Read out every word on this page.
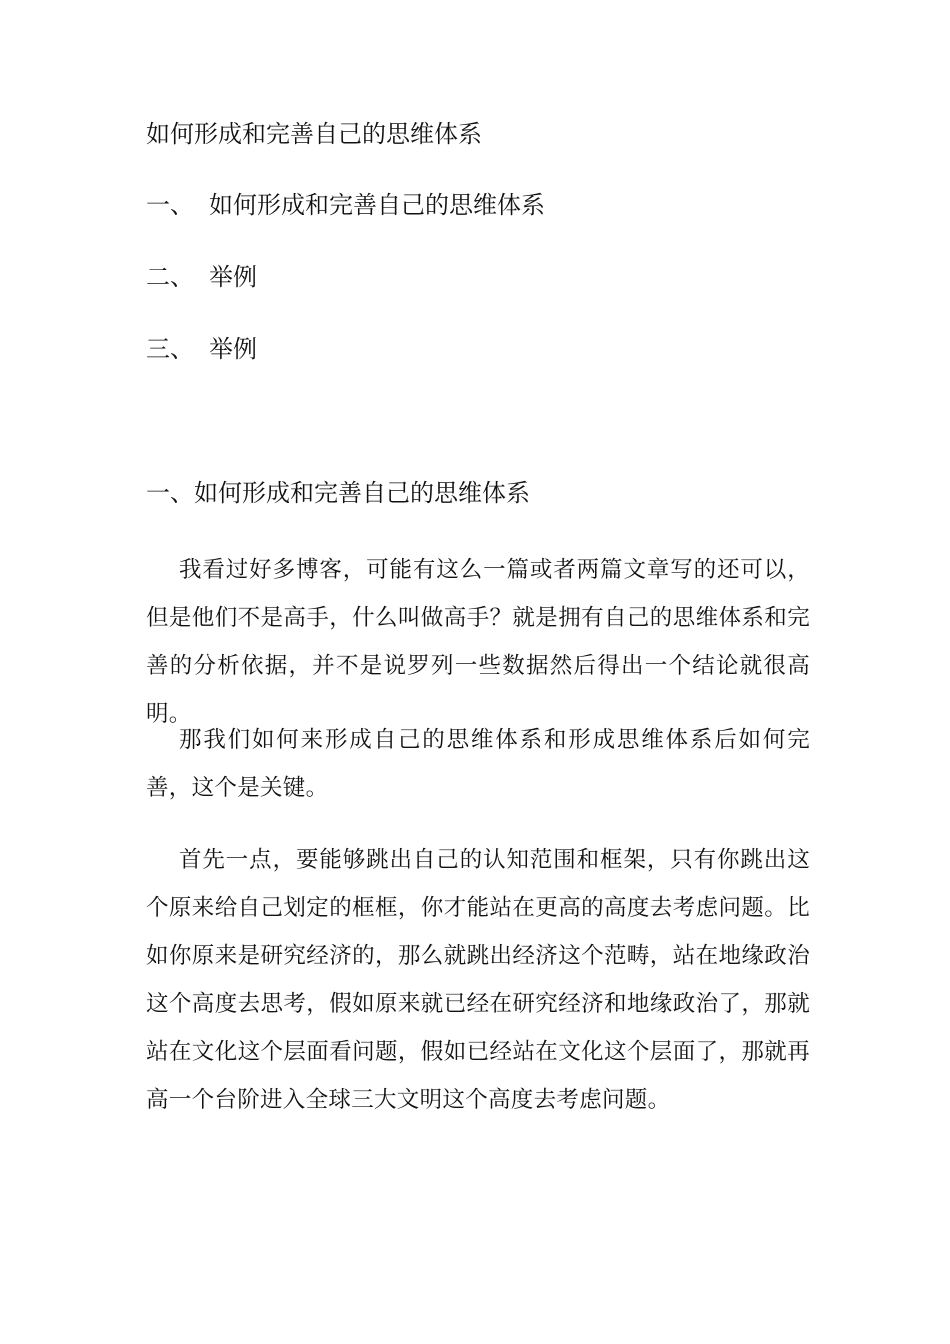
如何形成和完善自己的思维体系
一、 如何形成和完善自己的思维体系
二、 举例
三、 举例
一、如何形成和完善自己的思维体系
我看过好多博客，可能有这么一篇或者两篇文章写的还可以，但是他们不是高手，什么叫做高手？就是拥有自己的思维体系和完善的分析依据，并不是说罗列一些数据然后得出一个结论就很高明。
那我们如何来形成自己的思维体系和形成思维体系后如何完善，这个是关键。
首先一点，要能够跳出自己的认知范围和框架，只有你跳出这个原来给自己划定的框框，你才能站在更高的高度去考虑问题。比如你原来是研究经济的，那么就跳出经济这个范畴，站在地缘政治这个高度去思考，假如原来就已经在研究经济和地缘政治了，那就站在文化这个层面看问题，假如已经站在文化这个层面了，那就再高一个台阶进入全球三大文明这个高度去考虑问题。
